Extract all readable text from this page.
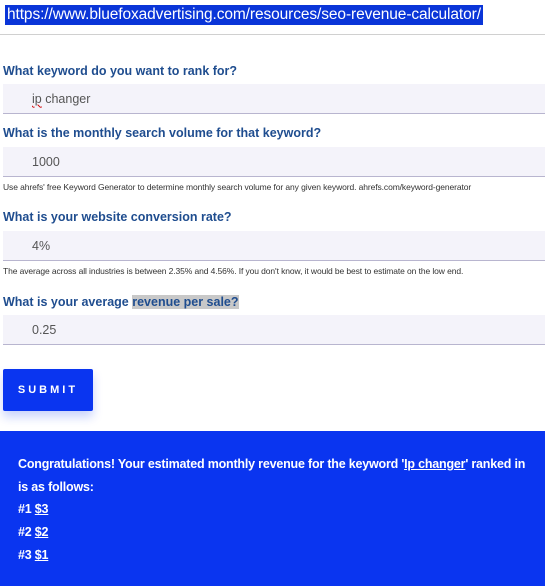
https://www.bluefoxadvertising.com/resources/seo-revenue-calculator/
What keyword do you want to rank for?
ip changer
What is the monthly search volume for that keyword?
1000
Use ahrefs' free Keyword Generator to determine monthly search volume for any given keyword. ahrefs.com/keyword-generator
What is your website conversion rate?
4%
The average across all industries is between 2.35% and 4.56%. If you don't know, it would be best to estimate on the low end.
What is your average revenue per sale?
0.25
SUBMIT
Congratulations! Your estimated monthly revenue for the keyword 'Ip changer' ranked in
is as follows:
#1 $3
#2 $2
#3 $1
